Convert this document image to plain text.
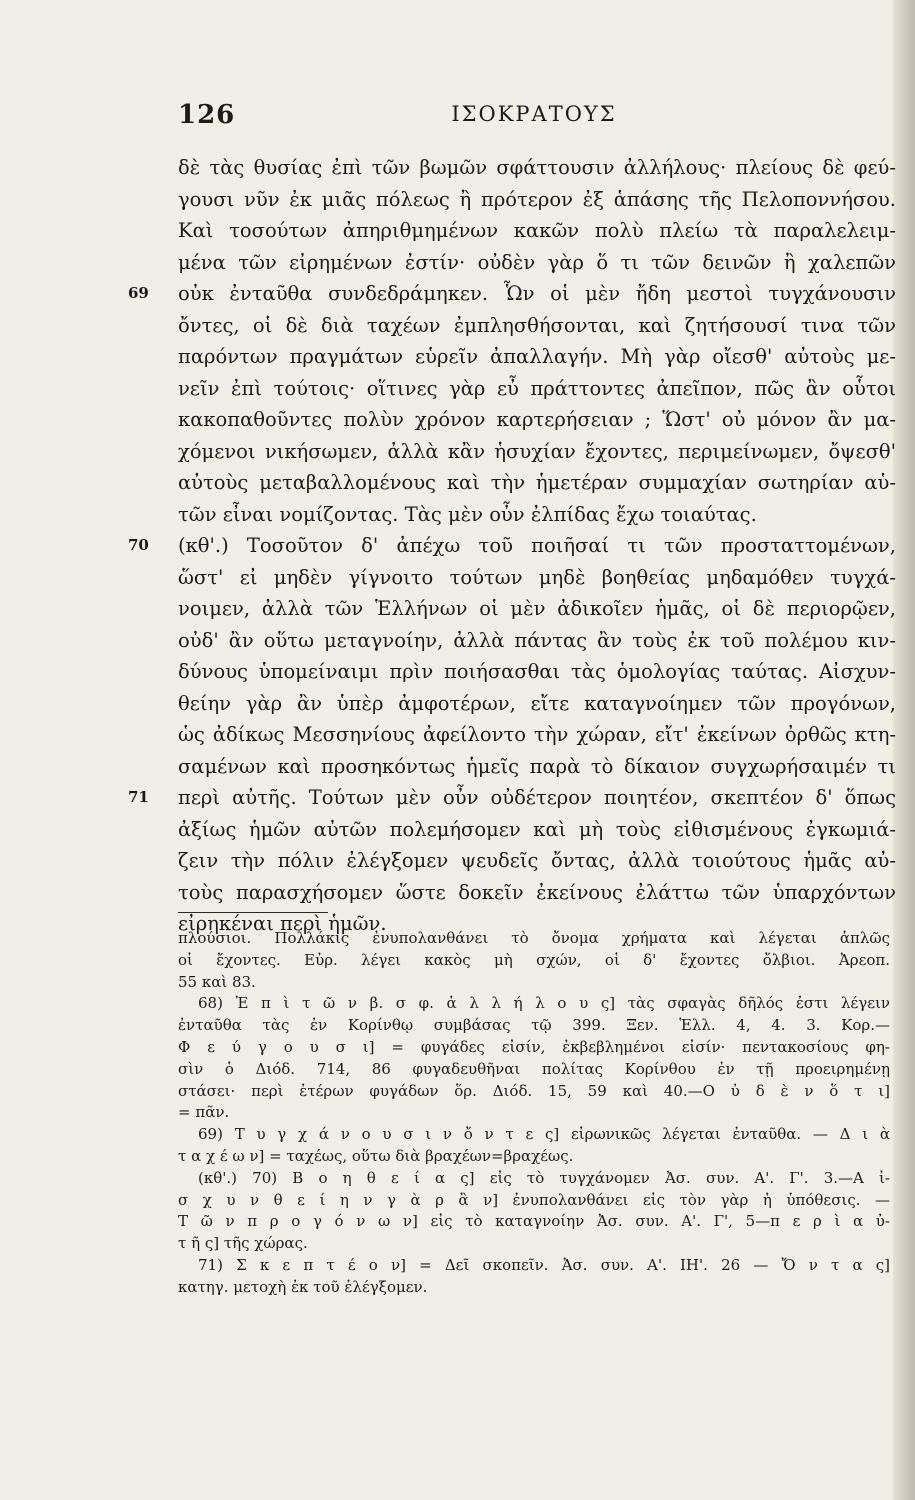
126	ΙΣΟΚΡΑΤΟΥΣ
δὲ τὰς θυσίας ἐπὶ τῶν βωμῶν σφάττουσιν ἀλλήλους· πλείους δὲ φεύ-
γουσι νῦν ἐκ μιᾶς πόλεως ἢ πρότερον ἐξ ἁπάσης τῆς Πελοποννήσου.
Καὶ τοσούτων ἀπηριθμημένων κακῶν πολὺ πλείω τὰ παραλελειμ-
μένα τῶν εἰρημένων ἐστίν· οὐδὲν γὰρ ὅ τι τῶν δεινῶν ἢ χαλεπῶν
69	οὐκ ἐνταῦθα συνδεδράμηκεν. Ὧν οἱ μὲν ἤδη μεστοὶ τυγχάνουσιν
ὄντες, οἱ δὲ διὰ ταχέων ἐμπλησθήσονται, καὶ ζητήσουσί τινα τῶν
παρόντων πραγμάτων εὑρεῖν ἀπαλλαγήν. Μὴ γὰρ οἴεσθ' αὐτοὺς με-
νεῖν ἐπὶ τούτοις· οἵτινες γὰρ εὖ πράττοντες ἀπεῖπον, πῶς ἂν οὗτοι
κακοπαθοῦντες πολὺν χρόνον καρτερήσειαν ; Ὥστ' οὐ μόνον ἂν μα-
χόμενοι νικήσωμεν, ἀλλὰ κἂν ἡσυχίαν ἔχοντες, περιμείνωμεν, ὄψεσθ'
αὐτοὺς μεταβαλλομένους καὶ τὴν ἡμετέραν συμμαχίαν σωτηρίαν αὑ-
τῶν εἶναι νομίζοντας. Τὰς μὲν οὖν ἐλπίδας ἔχω τοιαύτας.
70	(κθ'.) Τοσοῦτον δ' ἀπέχω τοῦ ποιῆσαί τι τῶν προσταττομένων,
ὥστ' εἰ μηδὲν γίγνοιτο τούτων μηδὲ βοηθείας μηδαμόθεν τυγχά-
νοιμεν, ἀλλὰ τῶν Ἑλλήνων οἱ μὲν ἀδικοῖεν ἡμᾶς, οἱ δὲ περιορῷεν,
οὐδ' ἂν οὕτω μεταγνοίην, ἀλλὰ πάντας ἂν τοὺς ἐκ τοῦ πολέμου κιν-
δύνους ὑπομείναιμι πρὶν ποιήσασθαι τὰς ὁμολογίας ταύτας. Αἰσχυν-
θείην γὰρ ἂν ὑπὲρ ἀμφοτέρων, εἴτε καταγνοίημεν τῶν προγόνων,
ὡς ἀδίκως Μεσσηνίους ἀφείλοντο τὴν χώραν, εἴτ' ἐκείνων ὀρθῶς κτη-
σαμένων καὶ προσηκόντως ἡμεῖς παρὰ τὸ δίκαιον συγχωρήσαιμέν τι
71	περὶ αὐτῆς. Τούτων μὲν οὖν οὐδέτερον ποιητέον, σκεπτέον δ' ὅπως
ἀξίως ἡμῶν αὐτῶν πολεμήσομεν καὶ μὴ τοὺς εἰθισμένους ἐγκωμιά-
ζειν τὴν πόλιν ἐλέγξομεν ψευδεῖς ὄντας, ἀλλὰ τοιούτους ἡμᾶς αὐ-
τοὺς παρασχήσομεν ὥστε δοκεῖν ἐκείνους ἐλάττω τῶν ὑπαρχόντων
εἰρηκέναι περὶ ἡμῶν.
πλούσιοι. Πολλάκις ἐνυπολανθάνει τὸ ὄνομα χρήματα καὶ λέγεται ἁπλῶς
οἱ ἔχοντες. Εὐρ. λέγει κακὸς μὴ σχών, οἱ δ' ἔχοντες ὄλβιοι. Ἀρεοπ.
55 καὶ 83.
68) Ἐ π ὶ τ ῶ ν β. σ φ. ἀ λ λ ή λ ο υ ς] τὰς σφαγὰς δῆλός ἐστι λέγειν
ἐνταῦθα τὰς ἐν Κορίνθῳ συμβάσας τῷ 399. Ξεν. Ἑλλ. 4, 4. 3. Κορ.—
Φ ε ύ γ ο υ σ ι] = φυγάδες εἰσίν, ἐκβεβλημένοι εἰσίν· πεντακοσίους φη-
σὶν ὁ Διόδ. 714, 86 φυγαδευθῆναι πολίτας Κορίνθου ἐν τῇ προειρημένῃ
στάσει· περὶ ἑτέρων φυγάδων ὅρ. Διόδ. 15, 59 καὶ 40.—Ο ὐ δ ὲ ν ὅ τ ι]
= πᾶν.
69) Τ υ γ χ ά ν ο υ σ ι ν ὄ ν τ ε ς] εἰρωνικῶς λέγεται ἐνταῦθα. — Δ ι ὰ
τ α χ έ ω ν] = ταχέως, οὕτω διὰ βραχέων=βραχέως.
(κθ'.) 70) Β ο η θ ε ί α ς] εἰς τὸ τυγχάνομεν Ἀσ. συν. Α'. Γ'. 3.—Α ἰ-
σ χ υ ν θ ε ί η ν γ ὰ ρ ἂ ν] ἐνυπολανθάνει εἰς τὸν γὰρ ἡ ὑπόθεσις. —
Τ ῶ ν π ρ ο γ ό ν ω ν] εἰς τὸ καταγνοίην Ἀσ. συν. Α'. Γ', 5—π ε ρ ὶ α ὐ-
τ ῆ ς] τῆς χώρας.
71) Σ κ ε π τ έ ο ν] = Δεῖ σκοπεῖν. Ἀσ. συν. Α'. ΙΗ'. 26 — Ὄ ν τ α ς]
κατηγ. μετοχὴ ἐκ τοῦ ἐλέγξομεν.
